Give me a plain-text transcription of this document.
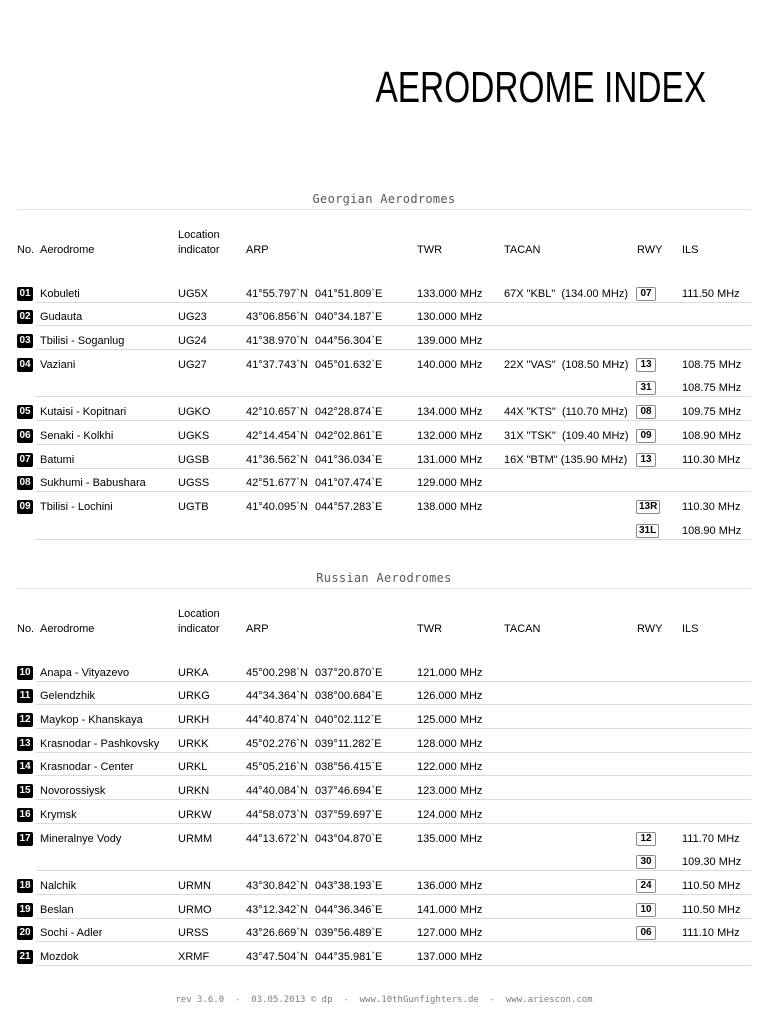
AERODROME INDEX
Georgian Aerodromes
No. Aerodrome
Location
indicator	ARP	TWR	TACAN	RWY	ILS
01 Kobuleti	UG5X	41°55.797`N 041°51.809`E	133.000 MHz	67X "KBL"  (134.00 MHz)	07	111.50 MHz
02 Gudauta	UG23	43°06.856`N 040°34.187`E	130.000 MHz
03 Tbilisi - Soganlug	UG24	41°38.970`N 044°56.304`E	139.000 MHz
04 Vaziani	UG27	41°37.743`N 045°01.632`E	140.000 MHz	22X "VAS"  (108.50 MHz)	13	108.75 MHz
31	108.75 MHz
05 Kutaisi - Kopitnari	UGKO	42°10.657`N 042°28.874`E	134.000 MHz	44X "KTS"  (110.70 MHz)	08	109.75 MHz
06 Senaki - Kolkhi	UGKS	42°14.454`N 042°02.861`E	132.000 MHz	31X "TSK"  (109.40 MHz)	09	108.90 MHz
07 Batumi	UGSB	41°36.562`N 041°36.034`E	131.000 MHz	16X "BTM" (135.90 MHz)	13	110.30 MHz
08 Sukhumi - Babushara	UGSS	42°51.677`N 041°07.474`E	129.000 MHz
09 Tbilisi - Lochini	UGTB	41°40.095`N 044°57.283`E	138.000 MHz	13R	110.30 MHz
31L	108.90 MHz
Russian Aerodromes
No. Aerodrome
Location
indicator	ARP	TWR	TACAN	RWY	ILS
10 Anapa - Vityazevo	URKA	45°00.298`N 037°20.870`E	121.000 MHz
11 Gelendzhik	URKG	44°34.364`N 038°00.684`E	126.000 MHz
12 Maykop - Khanskaya	URKH	44°40.874`N 040°02.112`E	125.000 MHz
13 Krasnodar - Pashkovsky	URKK	45°02.276`N 039°11.282`E	128.000 MHz
14 Krasnodar - Center	URKL	45°05.216`N 038°56.415`E	122.000 MHz
15 Novorossiysk	URKN	44°40.084`N 037°46.694`E	123.000 MHz
16 Krymsk	URKW	44°58.073`N 037°59.697`E	124.000 MHz
17 Mineralnye Vody	URMM	44°13.672`N 043°04.870`E	135.000 MHz	12	111.70 MHz
30	109.30 MHz
18 Nalchik	URMN	43°30.842`N 043°38.193`E	136.000 MHz	24	110.50 MHz
19 Beslan	URMO	43°12.342`N 044°36.346`E	141.000 MHz	10	110.50 MHz
20 Sochi - Adler	URSS	43°26.669`N 039°56.489`E	127.000 MHz	06	111.10 MHz
21 Mozdok	XRMF	43°47.504`N 044°35.981`E	137.000 MHz
rev 3.6.0  -  03.05.2013 © dp  -  www.10thGunfighters.de  -  www.ariescon.com
